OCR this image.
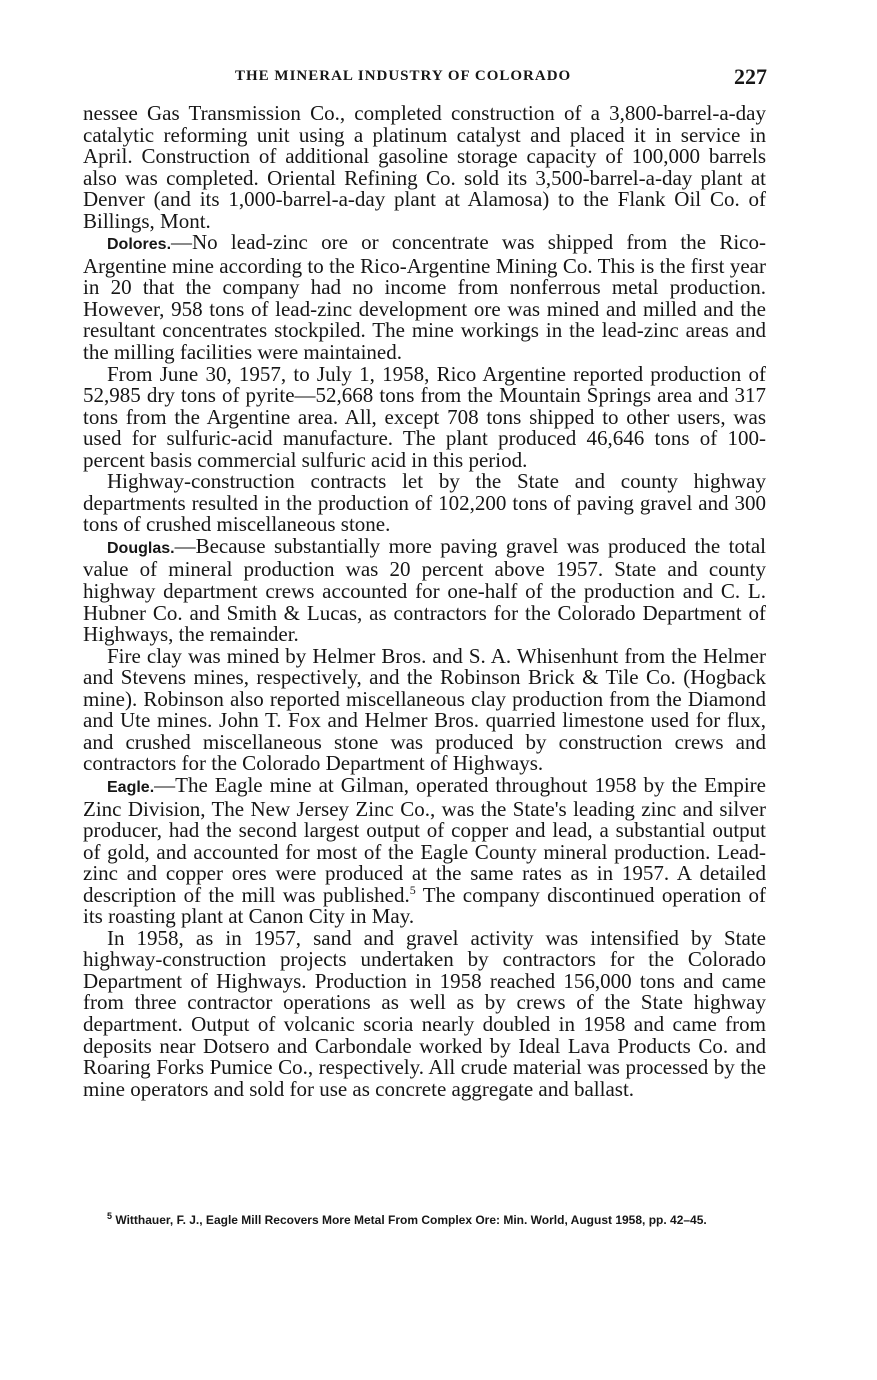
THE MINERAL INDUSTRY OF COLORADO	227

nessee Gas Transmission Co., completed construction of a 3,800-barrel-a-day catalytic reforming unit using a platinum catalyst and placed it in service in April. Construction of additional gasoline storage capacity of 100,000 barrels also was completed. Oriental Refining Co. sold its 3,500-barrel-a-day plant at Denver (and its 1,000-barrel-a-day plant at Alamosa) to the Flank Oil Co. of Billings, Mont.

Dolores.—No lead-zinc ore or concentrate was shipped from the Rico-Argentine mine according to the Rico-Argentine Mining Co. This is the first year in 20 that the company had no income from nonferrous metal production. However, 958 tons of lead-zinc development ore was mined and milled and the resultant concentrates stockpiled. The mine workings in the lead-zinc areas and the milling facilities were maintained.

From June 30, 1957, to July 1, 1958, Rico Argentine reported production of 52,985 dry tons of pyrite—52,668 tons from the Mountain Springs area and 317 tons from the Argentine area. All, except 708 tons shipped to other users, was used for sulfuric-acid manufacture. The plant produced 46,646 tons of 100-percent basis commercial sulfuric acid in this period.

Highway-construction contracts let by the State and county highway departments resulted in the production of 102,200 tons of paving gravel and 300 tons of crushed miscellaneous stone.

Douglas.—Because substantially more paving gravel was produced the total value of mineral production was 20 percent above 1957. State and county highway department crews accounted for one-half of the production and C. L. Hubner Co. and Smith & Lucas, as contractors for the Colorado Department of Highways, the remainder.

Fire clay was mined by Helmer Bros. and S. A. Whisenhunt from the Helmer and Stevens mines, respectively, and the Robinson Brick & Tile Co. (Hogback mine). Robinson also reported miscellaneous clay production from the Diamond and Ute mines. John T. Fox and Helmer Bros. quarried limestone used for flux, and crushed miscellaneous stone was produced by construction crews and contractors for the Colorado Department of Highways.

Eagle.—The Eagle mine at Gilman, operated throughout 1958 by the Empire Zinc Division, The New Jersey Zinc Co., was the State's leading zinc and silver producer, had the second largest output of copper and lead, a substantial output of gold, and accounted for most of the Eagle County mineral production. Lead-zinc and copper ores were produced at the same rates as in 1957. A detailed description of the mill was published.$^5$ The company discontinued operation of its roasting plant at Canon City in May.

In 1958, as in 1957, sand and gravel activity was intensified by State highway-construction projects undertaken by contractors for the Colorado Department of Highways. Production in 1958 reached 156,000 tons and came from three contractor operations as well as by crews of the State highway department. Output of volcanic scoria nearly doubled in 1958 and came from deposits near Dotsero and Carbondale worked by Ideal Lava Products Co. and Roaring Forks Pumice Co., respectively. All crude material was processed by the mine operators and sold for use as concrete aggregate and ballast.

$^5$ Witthauer, F. J., Eagle Mill Recovers More Metal From Complex Ore: Min. World, August 1958, pp. 42–45.
